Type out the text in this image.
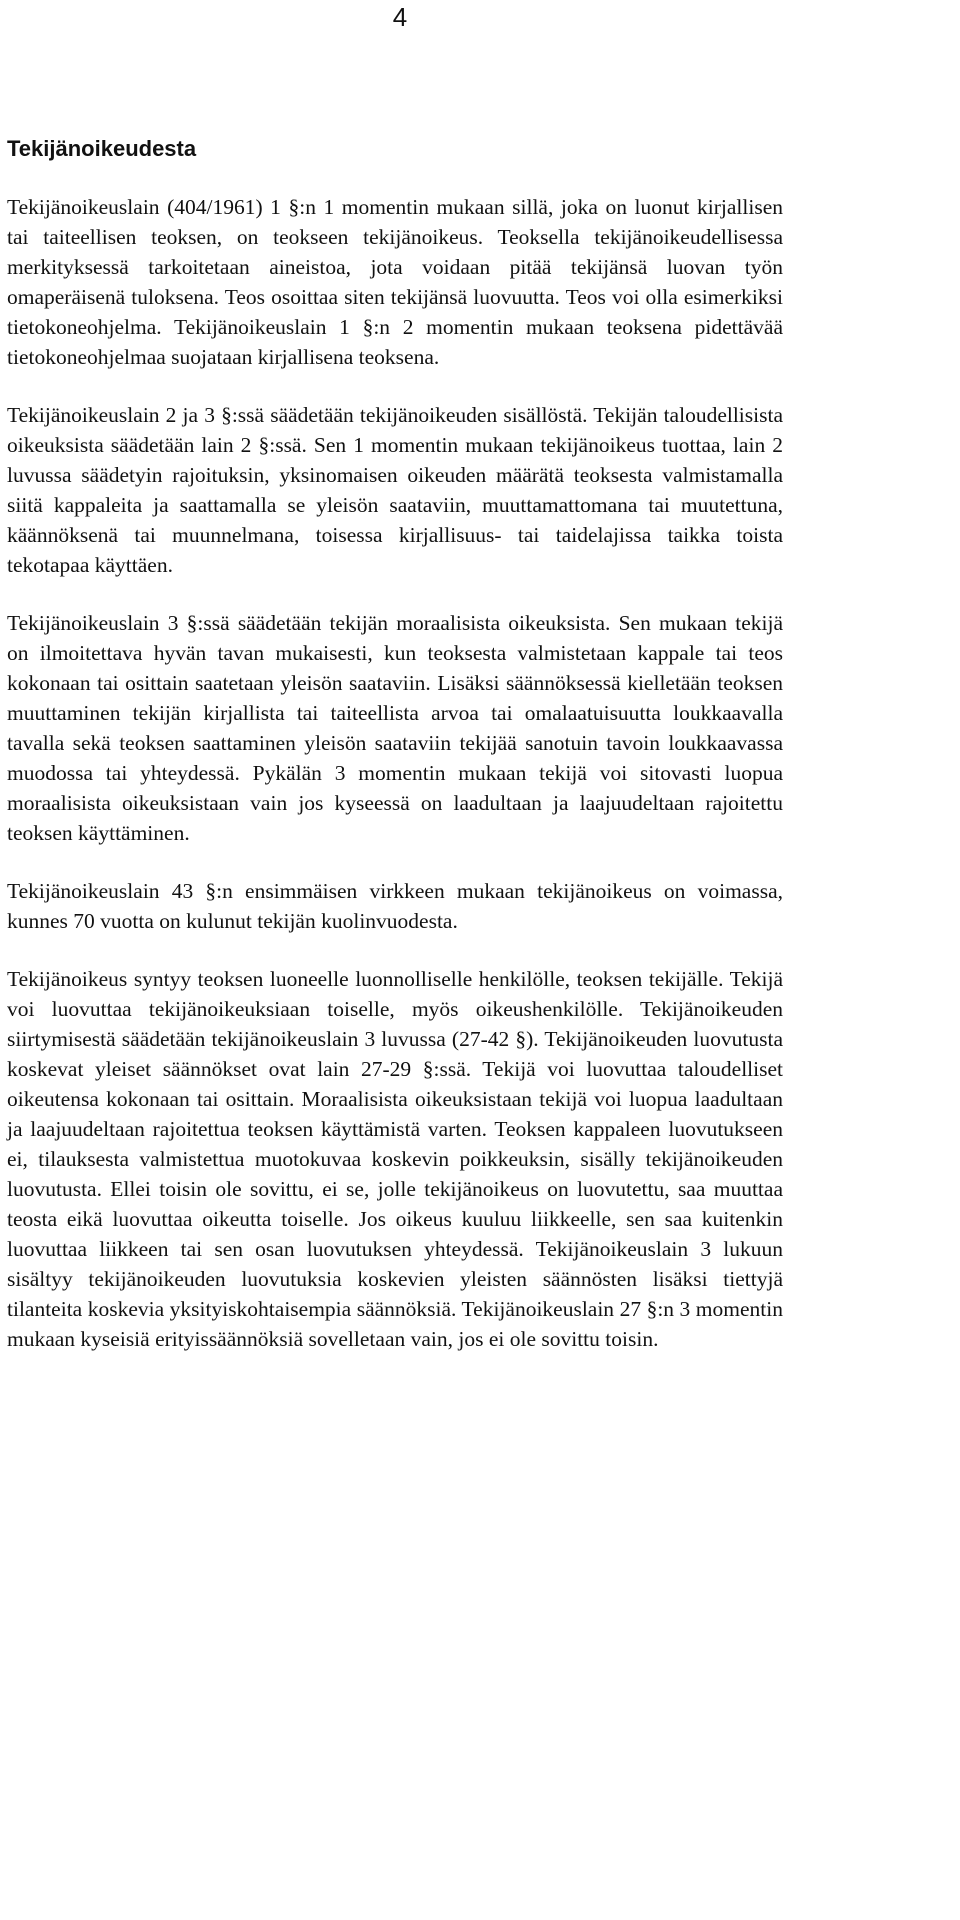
4
Tekijänoikeudesta

Tekijänoikeuslain (404/1961) 1 §:n 1 momentin mukaan sillä, joka on luonut kirjallisen tai taiteellisen teoksen, on teokseen tekijänoikeus. Teoksella tekijänoikeudellisessa merkityksessä tarkoitetaan aineistoa, jota voidaan pitää tekijänsä luovan työn omaperäisenä tuloksena. Teos osoittaa siten tekijänsä luovuutta. Teos voi olla esimerkiksi tietokoneohjelma. Tekijänoikeuslain 1 §:n 2 momentin mukaan teoksena pidettävää tietokoneohjelmaa suojataan kirjallisena teoksena.

Tekijänoikeuslain 2 ja 3 §:ssä säädetään tekijänoikeuden sisällöstä. Tekijän taloudellisista oikeuksista säädetään lain 2 §:ssä. Sen 1 momentin mukaan tekijänoikeus tuottaa, lain 2 luvussa säädetyin rajoituksin, yksinomaisen oikeuden määrätä teoksesta valmistamalla siitä kappaleita ja saattamalla se yleisön saataviin, muuttamattomana tai muutettuna, käännöksenä tai muunnelmana, toisessa kirjallisuus- tai taidelajissa taikka toista tekotapaa käyttäen.

Tekijänoikeuslain 3 §:ssä säädetään tekijän moraalisista oikeuksista. Sen mukaan tekijä on ilmoitettava hyvän tavan mukaisesti, kun teoksesta valmistetaan kappale tai teos kokonaan tai osittain saatetaan yleisön saataviin. Lisäksi säännöksessä kielletään teoksen muuttaminen tekijän kirjallista tai taiteellista arvoa tai omalaatuisuutta loukkaavalla tavalla sekä teoksen saattaminen yleisön saataviin tekijää sanotuin tavoin loukkaavassa muodossa tai yhteydessä. Pykälän 3 momentin mukaan tekijä voi sitovasti luopua moraalisista oikeuksistaan vain jos kyseessä on laadultaan ja laajuudeltaan rajoitettu teoksen käyttäminen.

Tekijänoikeuslain 43 §:n ensimmäisen virkkeen mukaan tekijänoikeus on voimassa, kunnes 70 vuotta on kulunut tekijän kuolinvuodesta.

Tekijänoikeus syntyy teoksen luoneelle luonnolliselle henkilölle, teoksen tekijälle. Tekijä voi luovuttaa tekijänoikeuksiaan toiselle, myös oikeushenkilölle. Tekijänoikeuden siirtymisestä säädetään tekijänoikeuslain 3 luvussa (27-42 §). Tekijänoikeuden luovutusta koskevat yleiset säännökset ovat lain 27-29 §:ssä. Tekijä voi luovuttaa taloudelliset oikeutensa kokonaan tai osittain. Moraalisista oikeuksistaan tekijä voi luopua laadultaan ja laajuudeltaan rajoitettua teoksen käyttämistä varten. Teoksen kappaleen luovutukseen ei, tilauksesta valmistettua muotokuvaa koskevin poikkeuksin, sisälly tekijänoikeuden luovutusta. Ellei toisin ole sovittu, ei se, jolle tekijänoikeus on luovutettu, saa muuttaa teosta eikä luovuttaa oikeutta toiselle. Jos oikeus kuuluu liikkeelle, sen saa kuitenkin luovuttaa liikkeen tai sen osan luovutuksen yhteydessä. Tekijänoikeuslain 3 lukuun sisältyy tekijänoikeuden luovutuksia koskevien yleisten säännösten lisäksi tiettyjä tilanteita koskevia yksityiskohtaisempia säännöksiä. Tekijänoikeuslain 27 §:n 3 momentin mukaan kyseisiä erityissäännöksiä sovelletaan vain, jos ei ole sovittu toisin.
